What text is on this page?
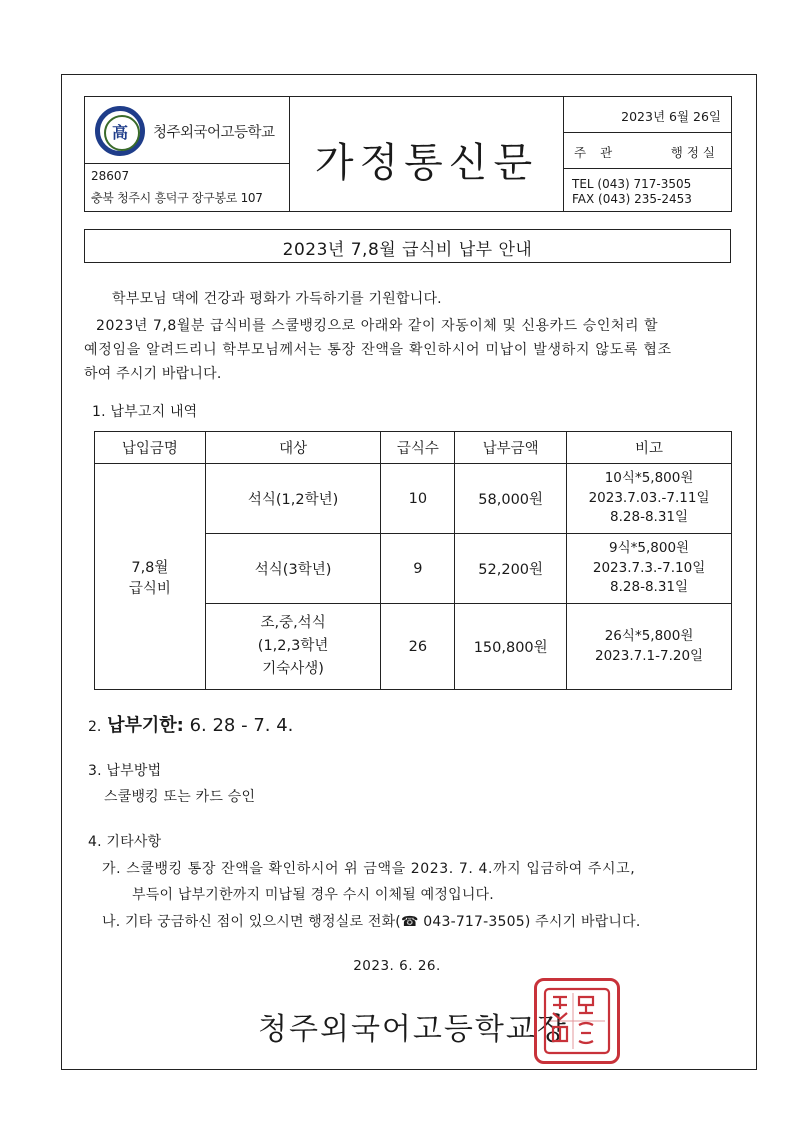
高	청주외국어고등학교
28607
충북 청주시 흥덕구 장구봉로 107
가정통신문
2023년 6월 26일
주관	행정실
TEL (043) 717-3505
FAX (043) 235-2453
2023년 7,8월 급식비 납부 안내
학부모님 댁에 건강과 평화가 가득하기를 기원합니다.
2023년 7,8월분 급식비를 스쿨뱅킹으로 아래와 같이 자동이체 및 신용카드 승인처리 할
예정임을 알려드리니 학부모님께서는 통장 잔액을 확인하시어 미납이 발생하지 않도록 협조
하여 주시기 바랍니다.
1. 납부고지 내역
납입금명	대상	급식수	납부금액	비고

7,8월
급식비	석식(1,2학년)	10	58,000원	10식*5,800원
2023.7.03.-7.11일
8.28-8.31일

	석식(3학년)	9	52,200원	9식*5,800원
2023.7.3.-7.10일
8.28-8.31일

	조,중,석식
(1,2,3학년
기숙사생)	26	150,800원	26식*5,800원
2023.7.1-7.20일
2. 납부기한: 6. 28 - 7. 4.
3. 납부방법
스쿨뱅킹 또는 카드 승인
4. 기타사항
가. 스쿨뱅킹 통장 잔액을 확인하시어 위 금액을 2023. 7. 4.까지 입금하여 주시고,
부득이 납부기한까지 미납될 경우 수시 이체될 예정입니다.
나. 기타 궁금하신 점이 있으시면 행정실로 전화(☎ 043-717-3505) 주시기 바랍니다.
2023. 6. 26.
청주외국어고등학교장
